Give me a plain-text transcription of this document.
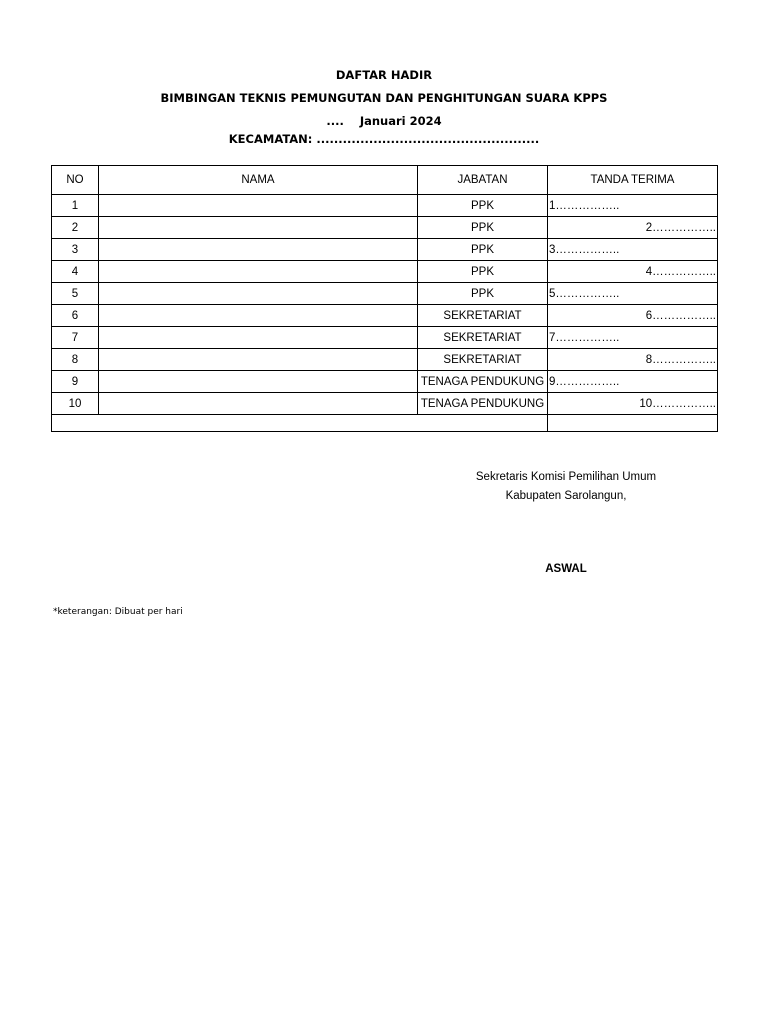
DAFTAR HADIR
BIMBINGAN TEKNIS PEMUNGUTAN DAN PENGHITUNGAN SUARA KPPS
....    Januari 2024
KECAMATAN: ...................................................
NO	NAMA	JABATAN	TANDA TERIMA
1		PPK	1……………..
2		PPK	2……………..
3		PPK	3……………..
4		PPK	4……………..
5		PPK	5……………..
6		SEKRETARIAT	6……………..
7		SEKRETARIAT	7……………..
8		SEKRETARIAT	8……………..
9		TENAGA PENDUKUNG	9……………..
10		TENAGA PENDUKUNG	10……………..

Sekretaris Komisi Pemilihan Umum
Kabupaten Sarolangun,
ASWAL
*keterangan: Dibuat per hari
